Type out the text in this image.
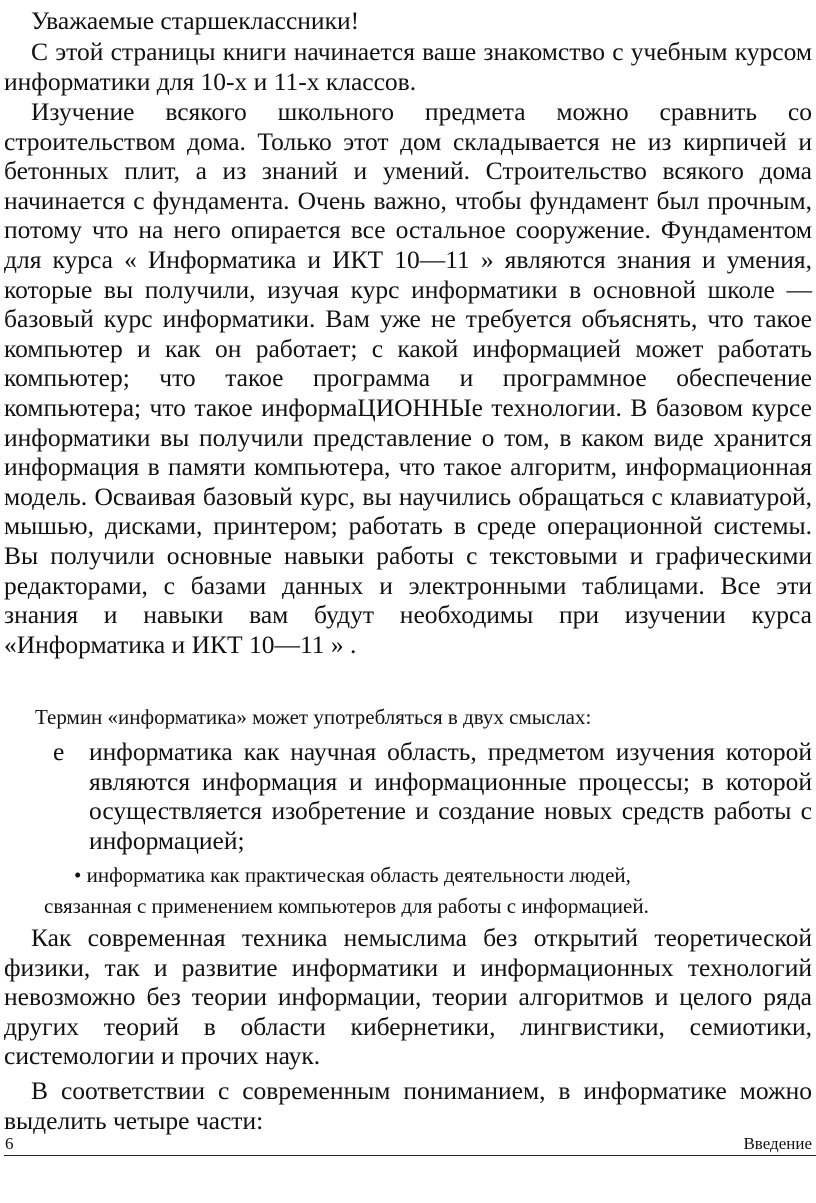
Уважаемые старшеклассники!

С этой страницы книги начинается ваше знакомство с учебным курсом информатики для 10-х и 11-х классов.

Изучение всякого школьного предмета можно сравнить со строительством дома. Только этот дом складывается не из кирпичей и бетонных плит, а из знаний и умений. Строительство всякого дома начинается с фундамента. Очень важно, чтобы фундамент был прочным, потому что на него опирается все остальное сооружение. Фундаментом для курса « Информатика и ИКТ 10—11 » являются знания и умения, которые вы получили, изучая курс информатики в основной школе — базовый курс информатики. Вам уже не требуется объяснять, что такое компьютер и как он работает; с какой информацией может работать компьютер; что такое программа и программное обеспечение компьютера; что такое информаЦИОННЫе технологии. В базовом курсе информатики вы получили представление о том, в каком виде хранится информация в памяти компьютера, что такое алгоритм, информационная модель. Осваивая базовый курс, вы научились обращаться с клавиатурой, мышью, дисками, принтером; работать в среде операционной системы. Вы получили основные навыки работы с текстовыми и графическими редакторами, с базами данных и электронными таблицами. Все эти знания и навыки вам будут необходимы при изучении курса «Информатика и ИКТ 10—11 » .

Термин «информатика» может употребляться в двух смыслах:

е информатика как научная область, предметом изучения которой являются информация и информационные процессы; в которой осуществляется изобретение и создание новых средств работы с информацией;
• информатика как практическая область деятельности людей,
связанная с применением компьютеров для работы с информацией.

Как современная техника немыслима без открытий теоретической физики, так и развитие информатики и информационных технологий невозможно без теории информации, теории алгоритмов и целого ряда других теорий в области кибернетики, лингвистики, семиотики, системологии и прочих наук.

В соответствии с современным пониманием, в информатике можно выделить четыре части:

6	Введение
